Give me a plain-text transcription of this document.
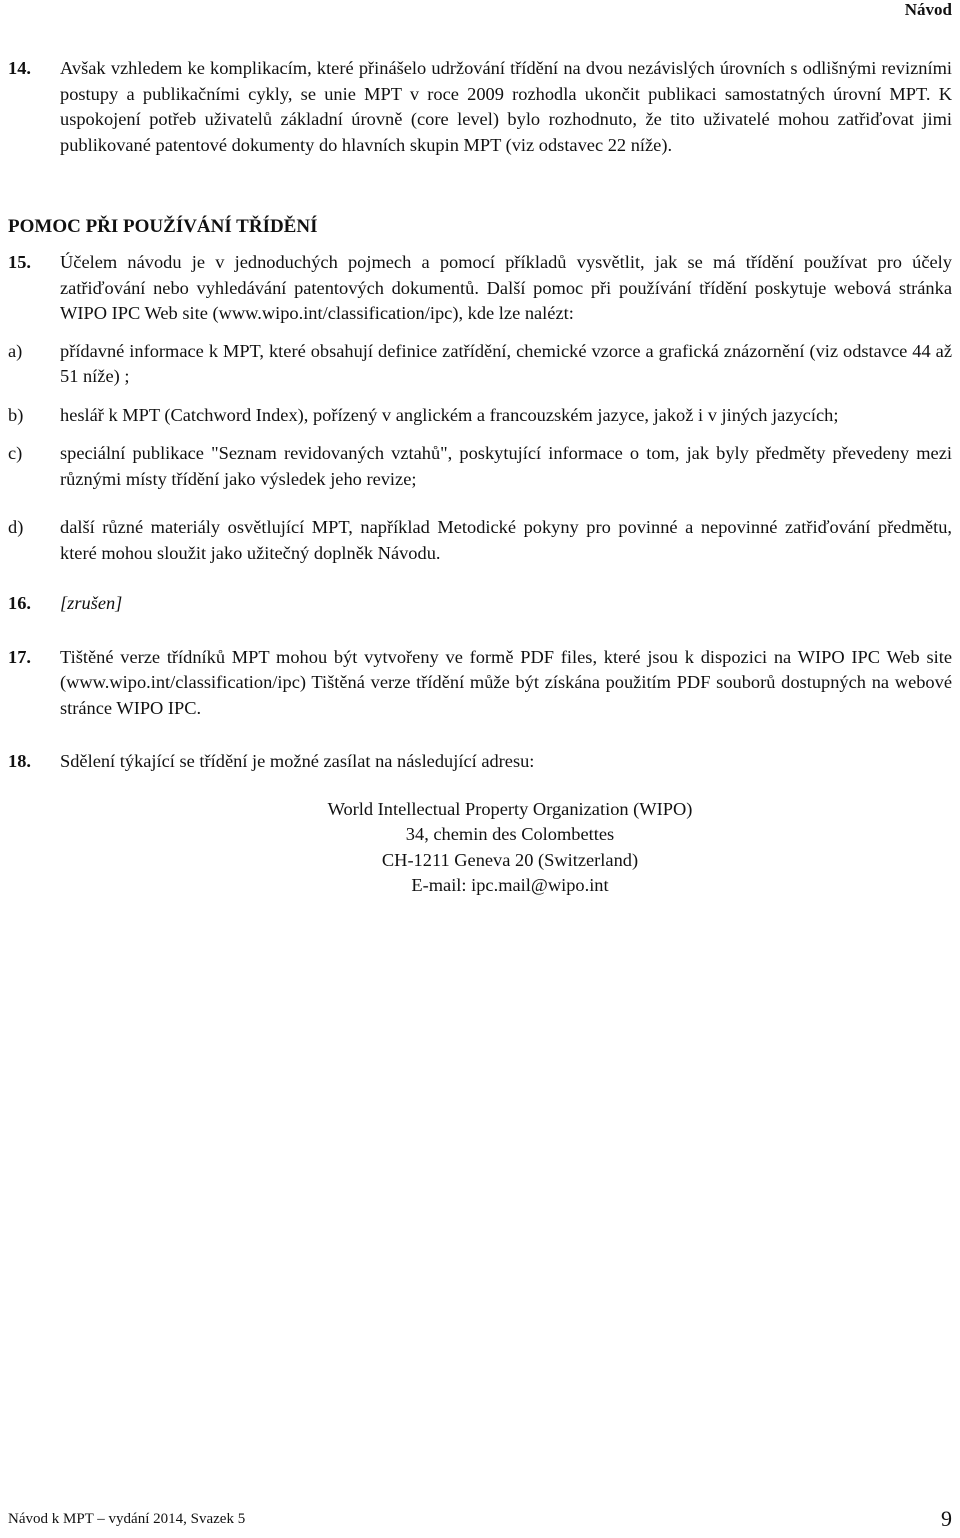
Návod
14.	Avšak vzhledem ke komplikacím, které přinášelo udržování třídění na dvou nezávislých úrovních s odlišnými revizními postupy a publikačními cykly, se unie MPT v roce 2009 rozhodla ukončit publikaci samostatných úrovní MPT. K uspokojení potřeb uživatelů základní úrovně (core level) bylo rozhodnuto, že tito uživatelé mohou zatřiďovat jimi publikované patentové dokumenty do hlavních skupin MPT (viz odstavec 22 níže).
POMOC PŘI POUŽÍVÁNÍ TŘÍDĚNÍ
15.	Účelem návodu je v jednoduchých pojmech a pomocí příkladů vysvětlit, jak se má třídění používat pro účely zatřiďování nebo vyhledávání patentových dokumentů. Další pomoc při používání třídění poskytuje webová stránka WIPO IPC Web site (www.wipo.int/classification/ipc), kde lze nalézt:
a)	přídavné informace k MPT, které obsahují definice zatřídění, chemické vzorce a grafická znázornění (viz odstavce 44 až 51 níže) ;
b)	heslář k MPT (Catchword Index), pořízený v anglickém a francouzském jazyce, jakož i v jiných jazycích;
c)	speciální publikace "Seznam revidovaných vztahů", poskytující informace o tom, jak byly předměty převedeny mezi různými místy třídění jako výsledek jeho revize;
d)	další různé materiály osvětlující MPT, například Metodické pokyny pro povinné a nepovinné zatřiďování předmětu, které mohou sloužit jako užitečný doplněk Návodu.
16.	[zrušen]
17.	Tištěné verze třídníků MPT mohou být vytvořeny ve formě PDF files, které jsou k dispozici na WIPO IPC Web site (www.wipo.int/classification/ipc) Tištěná verze třídění může být získána použitím PDF souborů dostupných na webové stránce WIPO IPC.
18.	Sdělení týkající se třídění je možné zasílat na následující adresu:
World Intellectual Property Organization (WIPO)
34, chemin des Colombettes
CH-1211 Geneva 20 (Switzerland)
E-mail: ipc.mail@wipo.int
Návod k MPT – vydání 2014, Svazek 5	9
